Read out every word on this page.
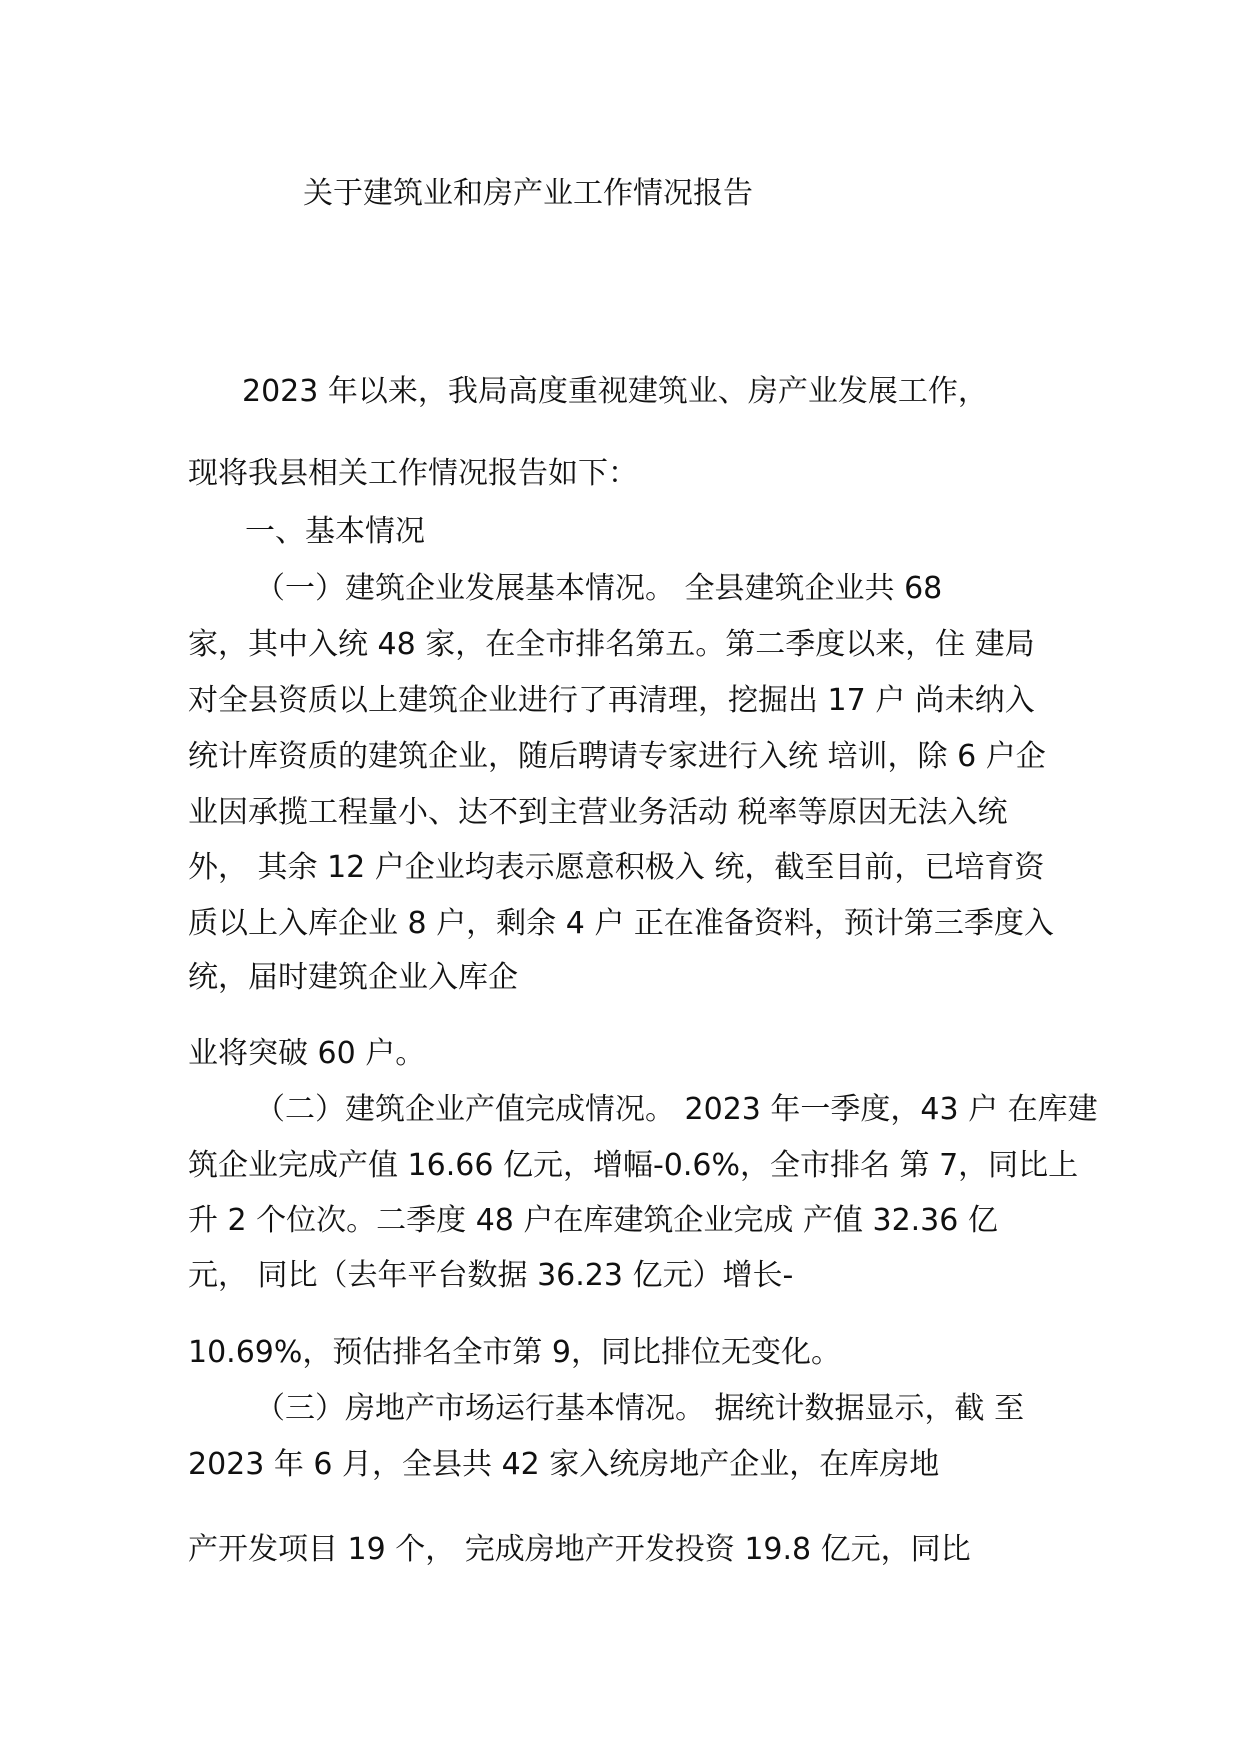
关于建筑业和房产业工作情况报告
2023 年以来，我局高度重视建筑业、房产业发展工作，
现将我县相关工作情况报告如下：
一、基本情况
（一）建筑企业发展基本情况。 全县建筑企业共 68
家，其中入统 48 家，在全市排名第五。第二季度以来，住 建局
对全县资质以上建筑企业进行了再清理，挖掘出 17 户 尚未纳入
统计库资质的建筑企业，随后聘请专家进行入统 培训，除 6 户企
业因承揽工程量小、达不到主营业务活动 税率等原因无法入统
外， 其余 12 户企业均表示愿意积极入 统，截至目前，已培育资
质以上入库企业 8 户，剩余 4 户 正在准备资料，预计第三季度入
统，届时建筑企业入库企
业将突破 60 户。
（二）建筑企业产值完成情况。 2023 年一季度，43 户 在库建
筑企业完成产值 16.66 亿元，增幅-0.6%，全市排名 第 7，同比上
升 2 个位次。二季度 48 户在库建筑企业完成 产值 32.36 亿
元， 同比（去年平台数据 36.23 亿元）增长-
10.69%，预估排名全市第 9，同比排位无变化。
（三）房地产市场运行基本情况。 据统计数据显示，截 至
2023 年 6 月，全县共 42 家入统房地产企业，在库房地
产开发项目 19 个， 完成房地产开发投资 19.8 亿元，同比
